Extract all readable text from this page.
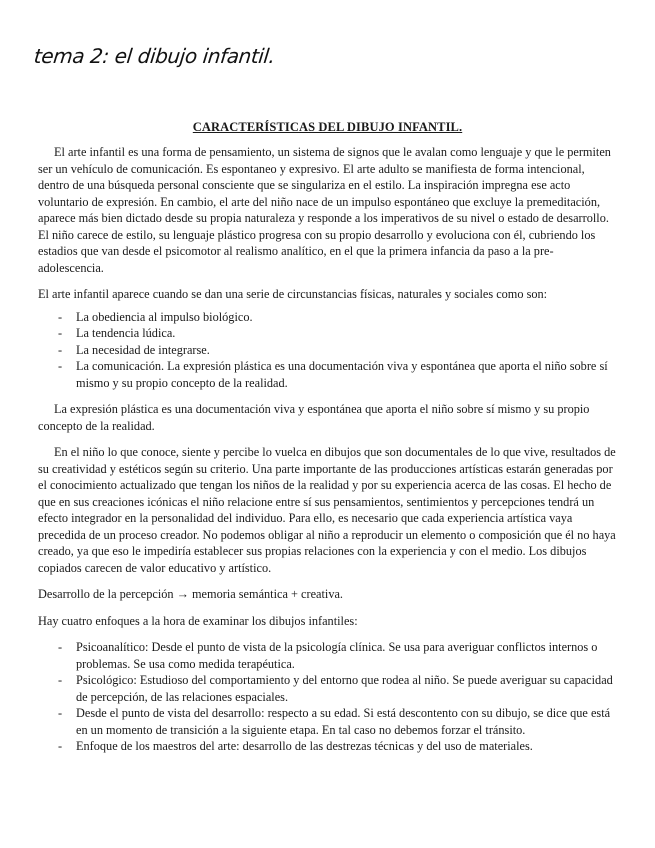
tema 2: el dibujo infantil.
CARACTERÍSTICAS DEL DIBUJO INFANTIL.

El arte infantil es una forma de pensamiento, un sistema de signos que le avalan como lenguaje y que le permiten ser un vehículo de comunicación. Es espontaneo y expresivo. El arte adulto se manifiesta de forma intencional, dentro de una búsqueda personal consciente que se singulariza en el estilo. La inspiración impregna ese acto voluntario de expresión. En cambio, el arte del niño nace de un impulso espontáneo que excluye la premeditación, aparece más bien dictado desde su propia naturaleza y responde a los imperativos de su nivel o estado de desarrollo. El niño carece de estilo, su lenguaje plástico progresa con su propio desarrollo y evoluciona con él, cubriendo los estadios que van desde el psicomotor al realismo analítico, en el que la primera infancia da paso a la pre-adolescencia.

El arte infantil aparece cuando se dan una serie de circunstancias físicas, naturales y sociales como son:

- La obediencia al impulso biológico.
- La tendencia lúdica.
- La necesidad de integrarse.
- La comunicación. La expresión plástica es una documentación viva y espontánea que aporta el niño sobre sí mismo y su propio concepto de la realidad.

La expresión plástica es una documentación viva y espontánea que aporta el niño sobre sí mismo y su propio concepto de la realidad.

En el niño lo que conoce, siente y percibe lo vuelca en dibujos que son documentales de lo que vive, resultados de su creatividad y estéticos según su criterio. Una parte importante de las producciones artísticas estarán generadas por el conocimiento actualizado que tengan los niños de la realidad y por su experiencia acerca de las cosas. El hecho de que en sus creaciones icónicas el niño relacione entre sí sus pensamientos, sentimientos y percepciones tendrá un efecto integrador en la personalidad del individuo. Para ello, es necesario que cada experiencia artística vaya precedida de un proceso creador. No podemos obligar al niño a reproducir un elemento o composición que él no haya creado, ya que eso le impediría establecer sus propias relaciones con la experiencia y con el medio. Los dibujos copiados carecen de valor educativo y artístico.

Desarrollo de la percepción → memoria semántica + creativa.

Hay cuatro enfoques a la hora de examinar los dibujos infantiles:

- Psicoanalítico: Desde el punto de vista de la psicología clínica. Se usa para averiguar conflictos internos o problemas. Se usa como medida terapéutica.
- Psicológico: Estudioso del comportamiento y del entorno que rodea al niño. Se puede averiguar su capacidad de percepción, de las relaciones espaciales.
- Desde el punto de vista del desarrollo: respecto a su edad. Si está descontento con su dibujo, se dice que está en un momento de transición a la siguiente etapa. En tal caso no debemos forzar el tránsito.
- Enfoque de los maestros del arte: desarrollo de las destrezas técnicas y del uso de materiales.
